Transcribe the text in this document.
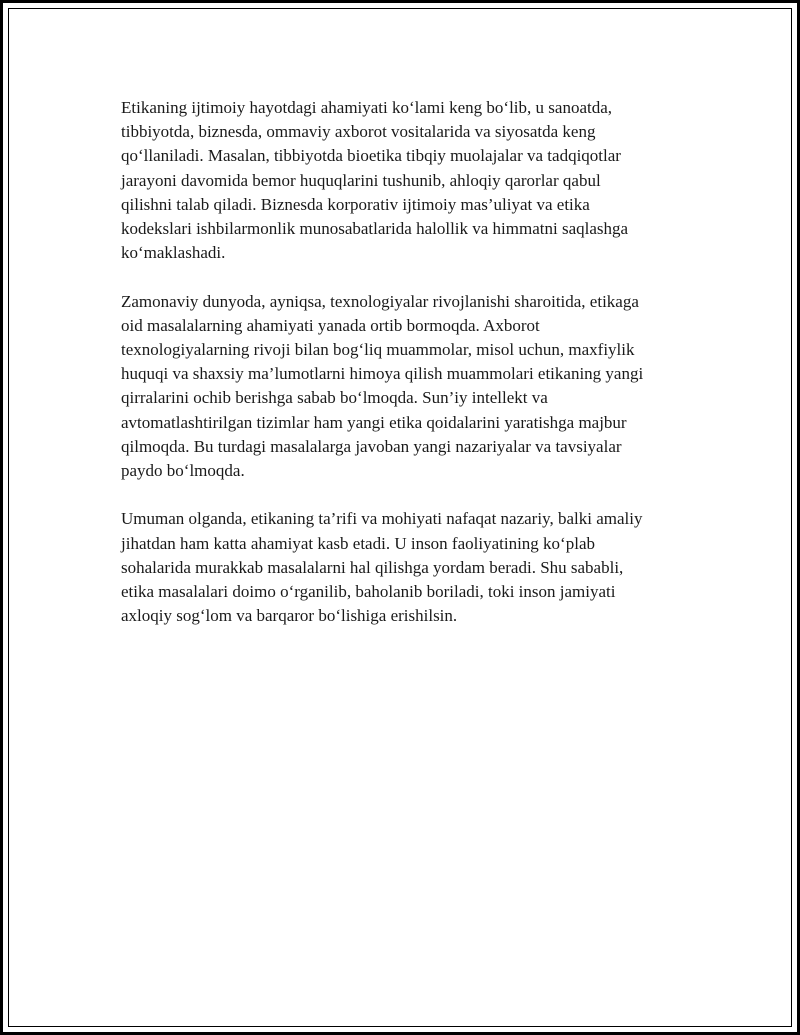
Etikaning ijtimoiy hayotdagi ahamiyati ko‘lami keng bo‘lib, u sanoatda,
tibbiyotda, biznesda, ommaviy axborot vositalarida va siyosatda keng
qo‘llaniladi. Masalan, tibbiyotda bioetika tibqiy muolajalar va tadqiqotlar
jarayoni davomida bemor huquqlarini tushunib, ahloqiy qarorlar qabul
qilishni talab qiladi. Biznesda korporativ ijtimoiy mas’uliyat va etika
kodekslari ishbilarmonlik munosabatlarida halollik va himmatni saqlashga
ko‘maklashadi.

Zamonaviy dunyoda, ayniqsa, texnologiyalar rivojlanishi sharoitida, etikaga
oid masalalarning ahamiyati yanada ortib bormoqda. Axborot
texnologiyalarning rivoji bilan bog‘liq muammolar, misol uchun, maxfiylik
huquqi va shaxsiy ma’lumotlarni himoya qilish muammolari etikaning yangi
qirralarini ochib berishga sabab bo‘lmoqda. Sun’iy intellekt va
avtomatlashtirilgan tizimlar ham yangi etika qoidalarini yaratishga majbur
qilmoqda. Bu turdagi masalalarga javoban yangi nazariyalar va tavsiyalar
paydo bo‘lmoqda.

Umuman olganda, etikaning ta’rifi va mohiyati nafaqat nazariy, balki amaliy
jihatdan ham katta ahamiyat kasb etadi. U inson faoliyatining ko‘plab
sohalarida murakkab masalalarni hal qilishga yordam beradi. Shu sababli,
etika masalalari doimo o‘rganilib, baholanib boriladi, toki inson jamiyati
axloqiy sog‘lom va barqaror bo‘lishiga erishilsin.
